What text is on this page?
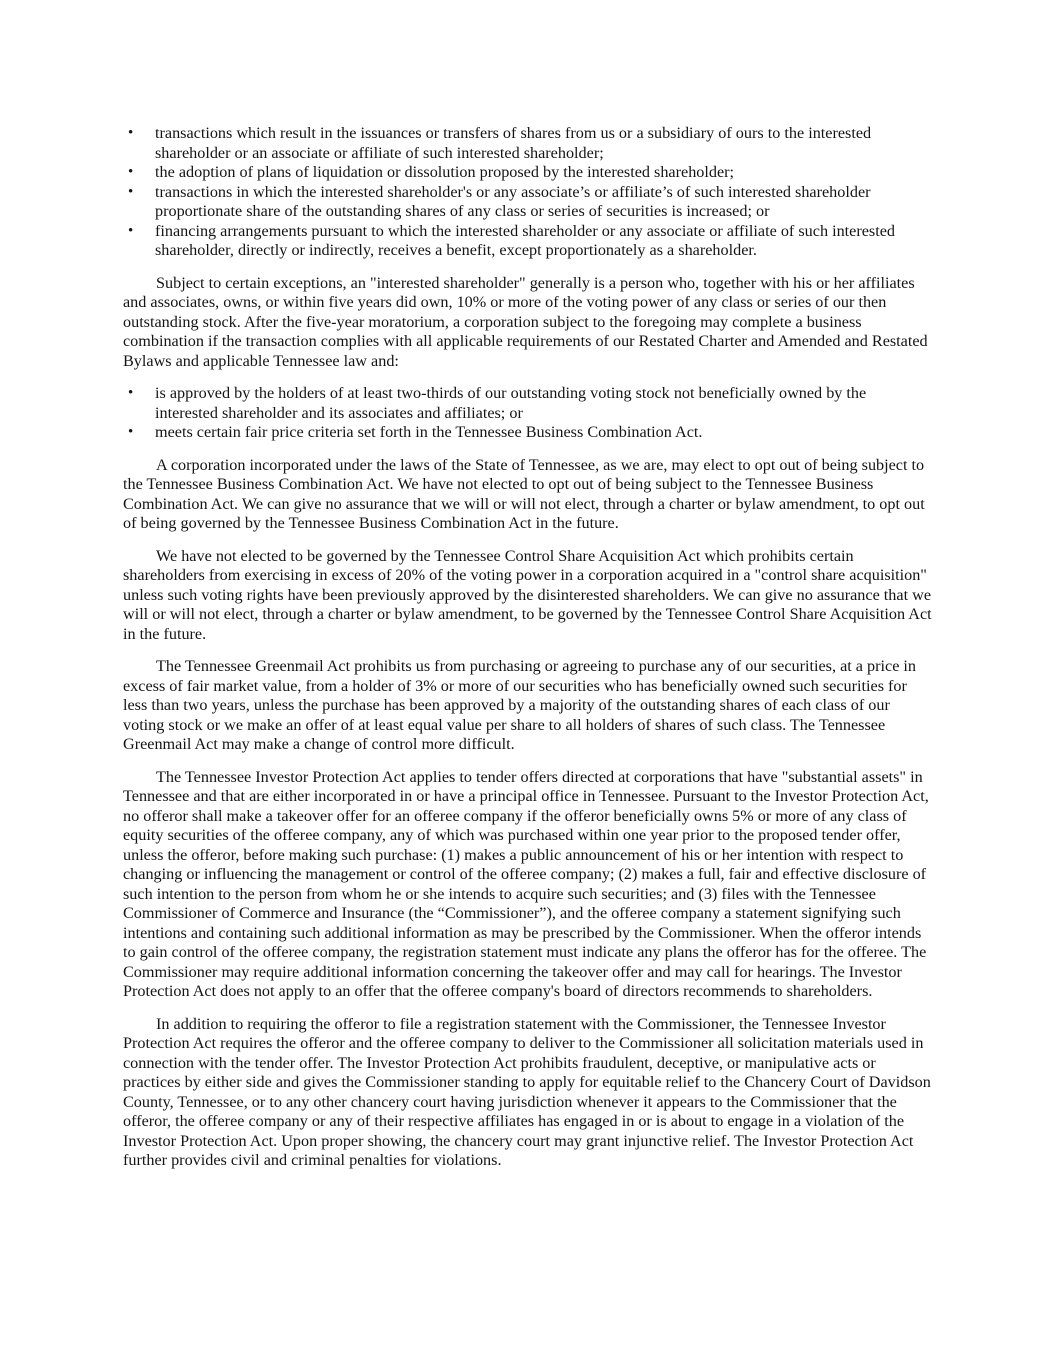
• transactions which result in the issuances or transfers of shares from us or a subsidiary of ours to the interested shareholder or an associate or affiliate of such interested shareholder;
• the adoption of plans of liquidation or dissolution proposed by the interested shareholder;
• transactions in which the interested shareholder's or any associate’s or affiliate’s of such interested shareholder proportionate share of the outstanding shares of any class or series of securities is increased; or
• financing arrangements pursuant to which the interested shareholder or any associate or affiliate of such interested shareholder, directly or indirectly, receives a benefit, except proportionately as a shareholder.

Subject to certain exceptions, an "interested shareholder" generally is a person who, together with his or her affiliates and associates, owns, or within five years did own, 10% or more of the voting power of any class or series of our then outstanding stock. After the five-year moratorium, a corporation subject to the foregoing may complete a business combination if the transaction complies with all applicable requirements of our Restated Charter and Amended and Restated Bylaws and applicable Tennessee law and:

• is approved by the holders of at least two-thirds of our outstanding voting stock not beneficially owned by the interested shareholder and its associates and affiliates; or
• meets certain fair price criteria set forth in the Tennessee Business Combination Act.

A corporation incorporated under the laws of the State of Tennessee, as we are, may elect to opt out of being subject to the Tennessee Business Combination Act. We have not elected to opt out of being subject to the Tennessee Business Combination Act. We can give no assurance that we will or will not elect, through a charter or bylaw amendment, to opt out of being governed by the Tennessee Business Combination Act in the future.

We have not elected to be governed by the Tennessee Control Share Acquisition Act which prohibits certain shareholders from exercising in excess of 20% of the voting power in a corporation acquired in a "control share acquisition" unless such voting rights have been previously approved by the disinterested shareholders. We can give no assurance that we will or will not elect, through a charter or bylaw amendment, to be governed by the Tennessee Control Share Acquisition Act in the future.

The Tennessee Greenmail Act prohibits us from purchasing or agreeing to purchase any of our securities, at a price in excess of fair market value, from a holder of 3% or more of our securities who has beneficially owned such securities for less than two years, unless the purchase has been approved by a majority of the outstanding shares of each class of our voting stock or we make an offer of at least equal value per share to all holders of shares of such class. The Tennessee Greenmail Act may make a change of control more difficult.

The Tennessee Investor Protection Act applies to tender offers directed at corporations that have "substantial assets" in Tennessee and that are either incorporated in or have a principal office in Tennessee. Pursuant to the Investor Protection Act, no offeror shall make a takeover offer for an offeree company if the offeror beneficially owns 5% or more of any class of equity securities of the offeree company, any of which was purchased within one year prior to the proposed tender offer, unless the offeror, before making such purchase: (1) makes a public announcement of his or her intention with respect to changing or influencing the management or control of the offeree company; (2) makes a full, fair and effective disclosure of such intention to the person from whom he or she intends to acquire such securities; and (3) files with the Tennessee Commissioner of Commerce and Insurance (the “Commissioner”), and the offeree company a statement signifying such intentions and containing such additional information as may be prescribed by the Commissioner. When the offeror intends to gain control of the offeree company, the registration statement must indicate any plans the offeror has for the offeree. The Commissioner may require additional information concerning the takeover offer and may call for hearings. The Investor Protection Act does not apply to an offer that the offeree company's board of directors recommends to shareholders.

In addition to requiring the offeror to file a registration statement with the Commissioner, the Tennessee Investor Protection Act requires the offeror and the offeree company to deliver to the Commissioner all solicitation materials used in connection with the tender offer. The Investor Protection Act prohibits fraudulent, deceptive, or manipulative acts or practices by either side and gives the Commissioner standing to apply for equitable relief to the Chancery Court of Davidson County, Tennessee, or to any other chancery court having jurisdiction whenever it appears to the Commissioner that the offeror, the offeree company or any of their respective affiliates has engaged in or is about to engage in a violation of the Investor Protection Act. Upon proper showing, the chancery court may grant injunctive relief. The Investor Protection Act further provides civil and criminal penalties for violations.
